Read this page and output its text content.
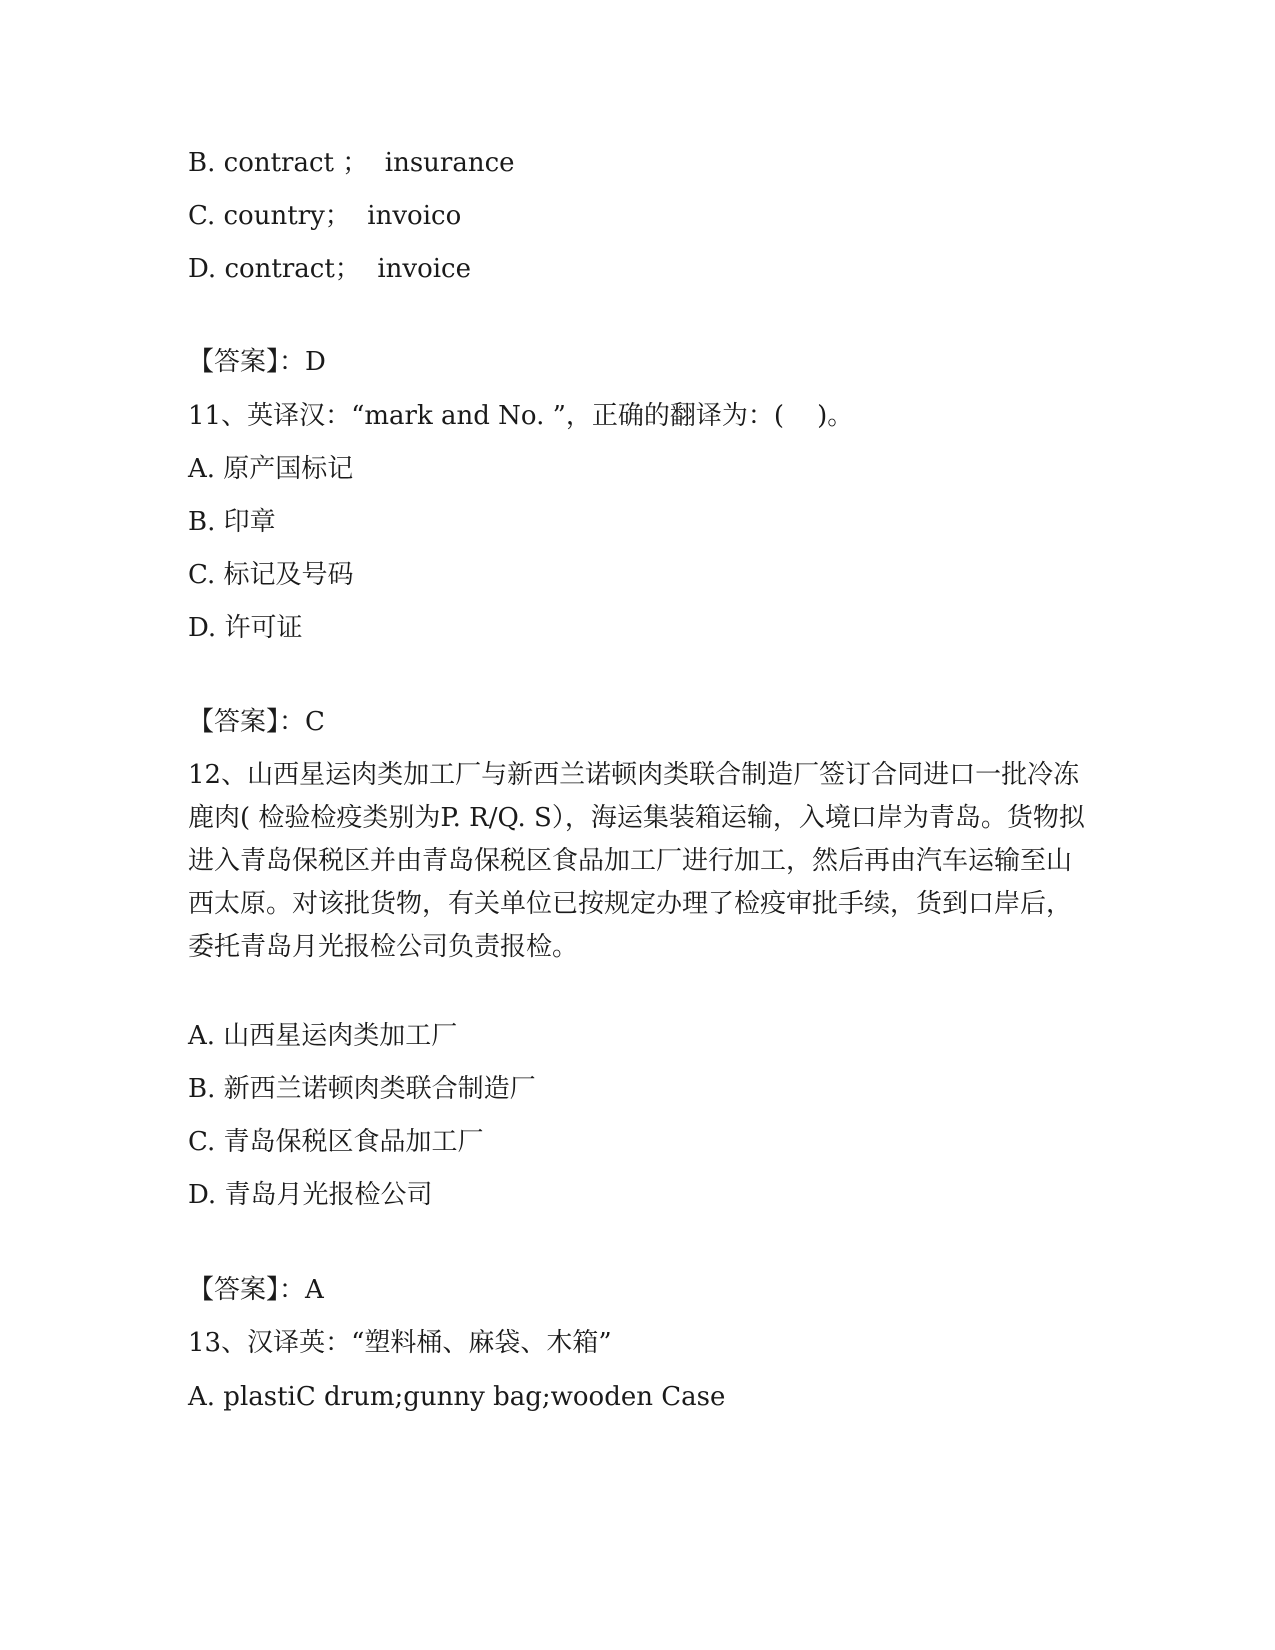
B. contract ；  insurance
C. country；  invoico
D. contract；  invoice
【答案】：D
11、英译汉：“mark and No. ”，正确的翻译为：(    )。
A. 原产国标记
B. 印章
C. 标记及号码
D. 许可证
【答案】：C
12、山西星运肉类加工厂与新西兰诺顿肉类联合制造厂签订合同进口一批冷冻鹿肉( 检验检疫类别为P. R/Q. S），海运集装箱运输，入境口岸为青岛。货物拟进入青岛保税区并由青岛保税区食品加工厂进行加工，然后再由汽车运输至山西太原。对该批货物，有关单位已按规定办理了检疫审批手续，货到口岸后，委托青岛月光报检公司负责报检。
A. 山西星运肉类加工厂
B. 新西兰诺顿肉类联合制造厂
C. 青岛保税区食品加工厂
D. 青岛月光报检公司
【答案】：A
13、汉译英：“塑料桶、麻袋、木箱”
A. plastiC drum;gunny bag;wooden Case
